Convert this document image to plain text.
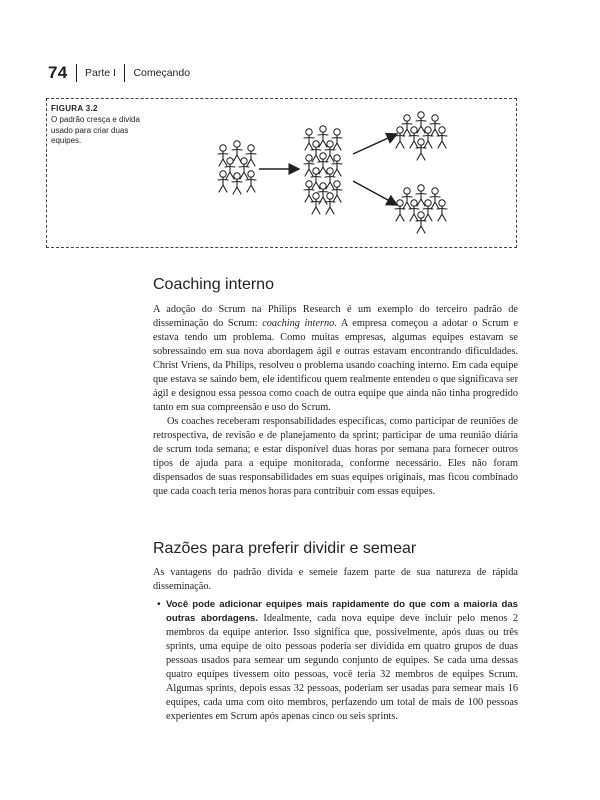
74 Parte I Começando
FIGURA 3.2
O padrão cresça e divida usado para criar duas equipes.
Coaching interno

A adoção do Scrum na Philips Research é um exemplo do terceiro padrão de disseminação do Scrum: coaching interno. A empresa começou a adotar o Scrum e estava tendo um problema. Como muitas empresas, algumas equipes estavam se sobressaindo em sua nova abordagem ágil e outras estavam encontrando dificuldades. Christ Vriens, da Philips, resolveu o problema usando coaching interno. Em cada equipe que estava se saindo bem, ele identificou quem realmente entendeu o que significava ser ágil e designou essa pessoa como coach de outra equipe que ainda não tinha progredido tanto em sua compreensão e uso do Scrum.

Os coaches receberam responsabilidades específicas, como participar de reuniões de retrospectiva, de revisão e de planejamento da sprint; participar de uma reunião diária de scrum toda semana; e estar disponível duas horas por semana para fornecer outros tipos de ajuda para a equipe monitorada, conforme necessário. Eles não foram dispensados de suas responsabilidades em suas equipes originais, mas ficou combinado que cada coach teria menos horas para contribuir com essas equipes.

Razões para preferir dividir e semear
As vantagens do padrão divida e semeie fazem parte de sua natureza de rápida disseminação.
• Você pode adicionar equipes mais rapidamente do que com a maioria das outras abordagens. Idealmente, cada nova equipe deve incluir pelo menos 2 membros da equipe anterior. Isso significa que, possivelmente, após duas ou três sprints, uma equipe de oito pessoas poderia ser dividida em quatro grupos de duas pessoas usados para semear um segundo conjunto de equipes. Se cada uma dessas quatro equipes tivessem oito pessoas, você teria 32 membros de equipes Scrum. Algumas sprints, depois essas 32 pessoas, poderiam ser usadas para semear mais 16 equipes, cada uma com oito membros, perfazendo um total de mais de 100 pessoas experientes em Scrum após apenas cinco ou seis sprints.
